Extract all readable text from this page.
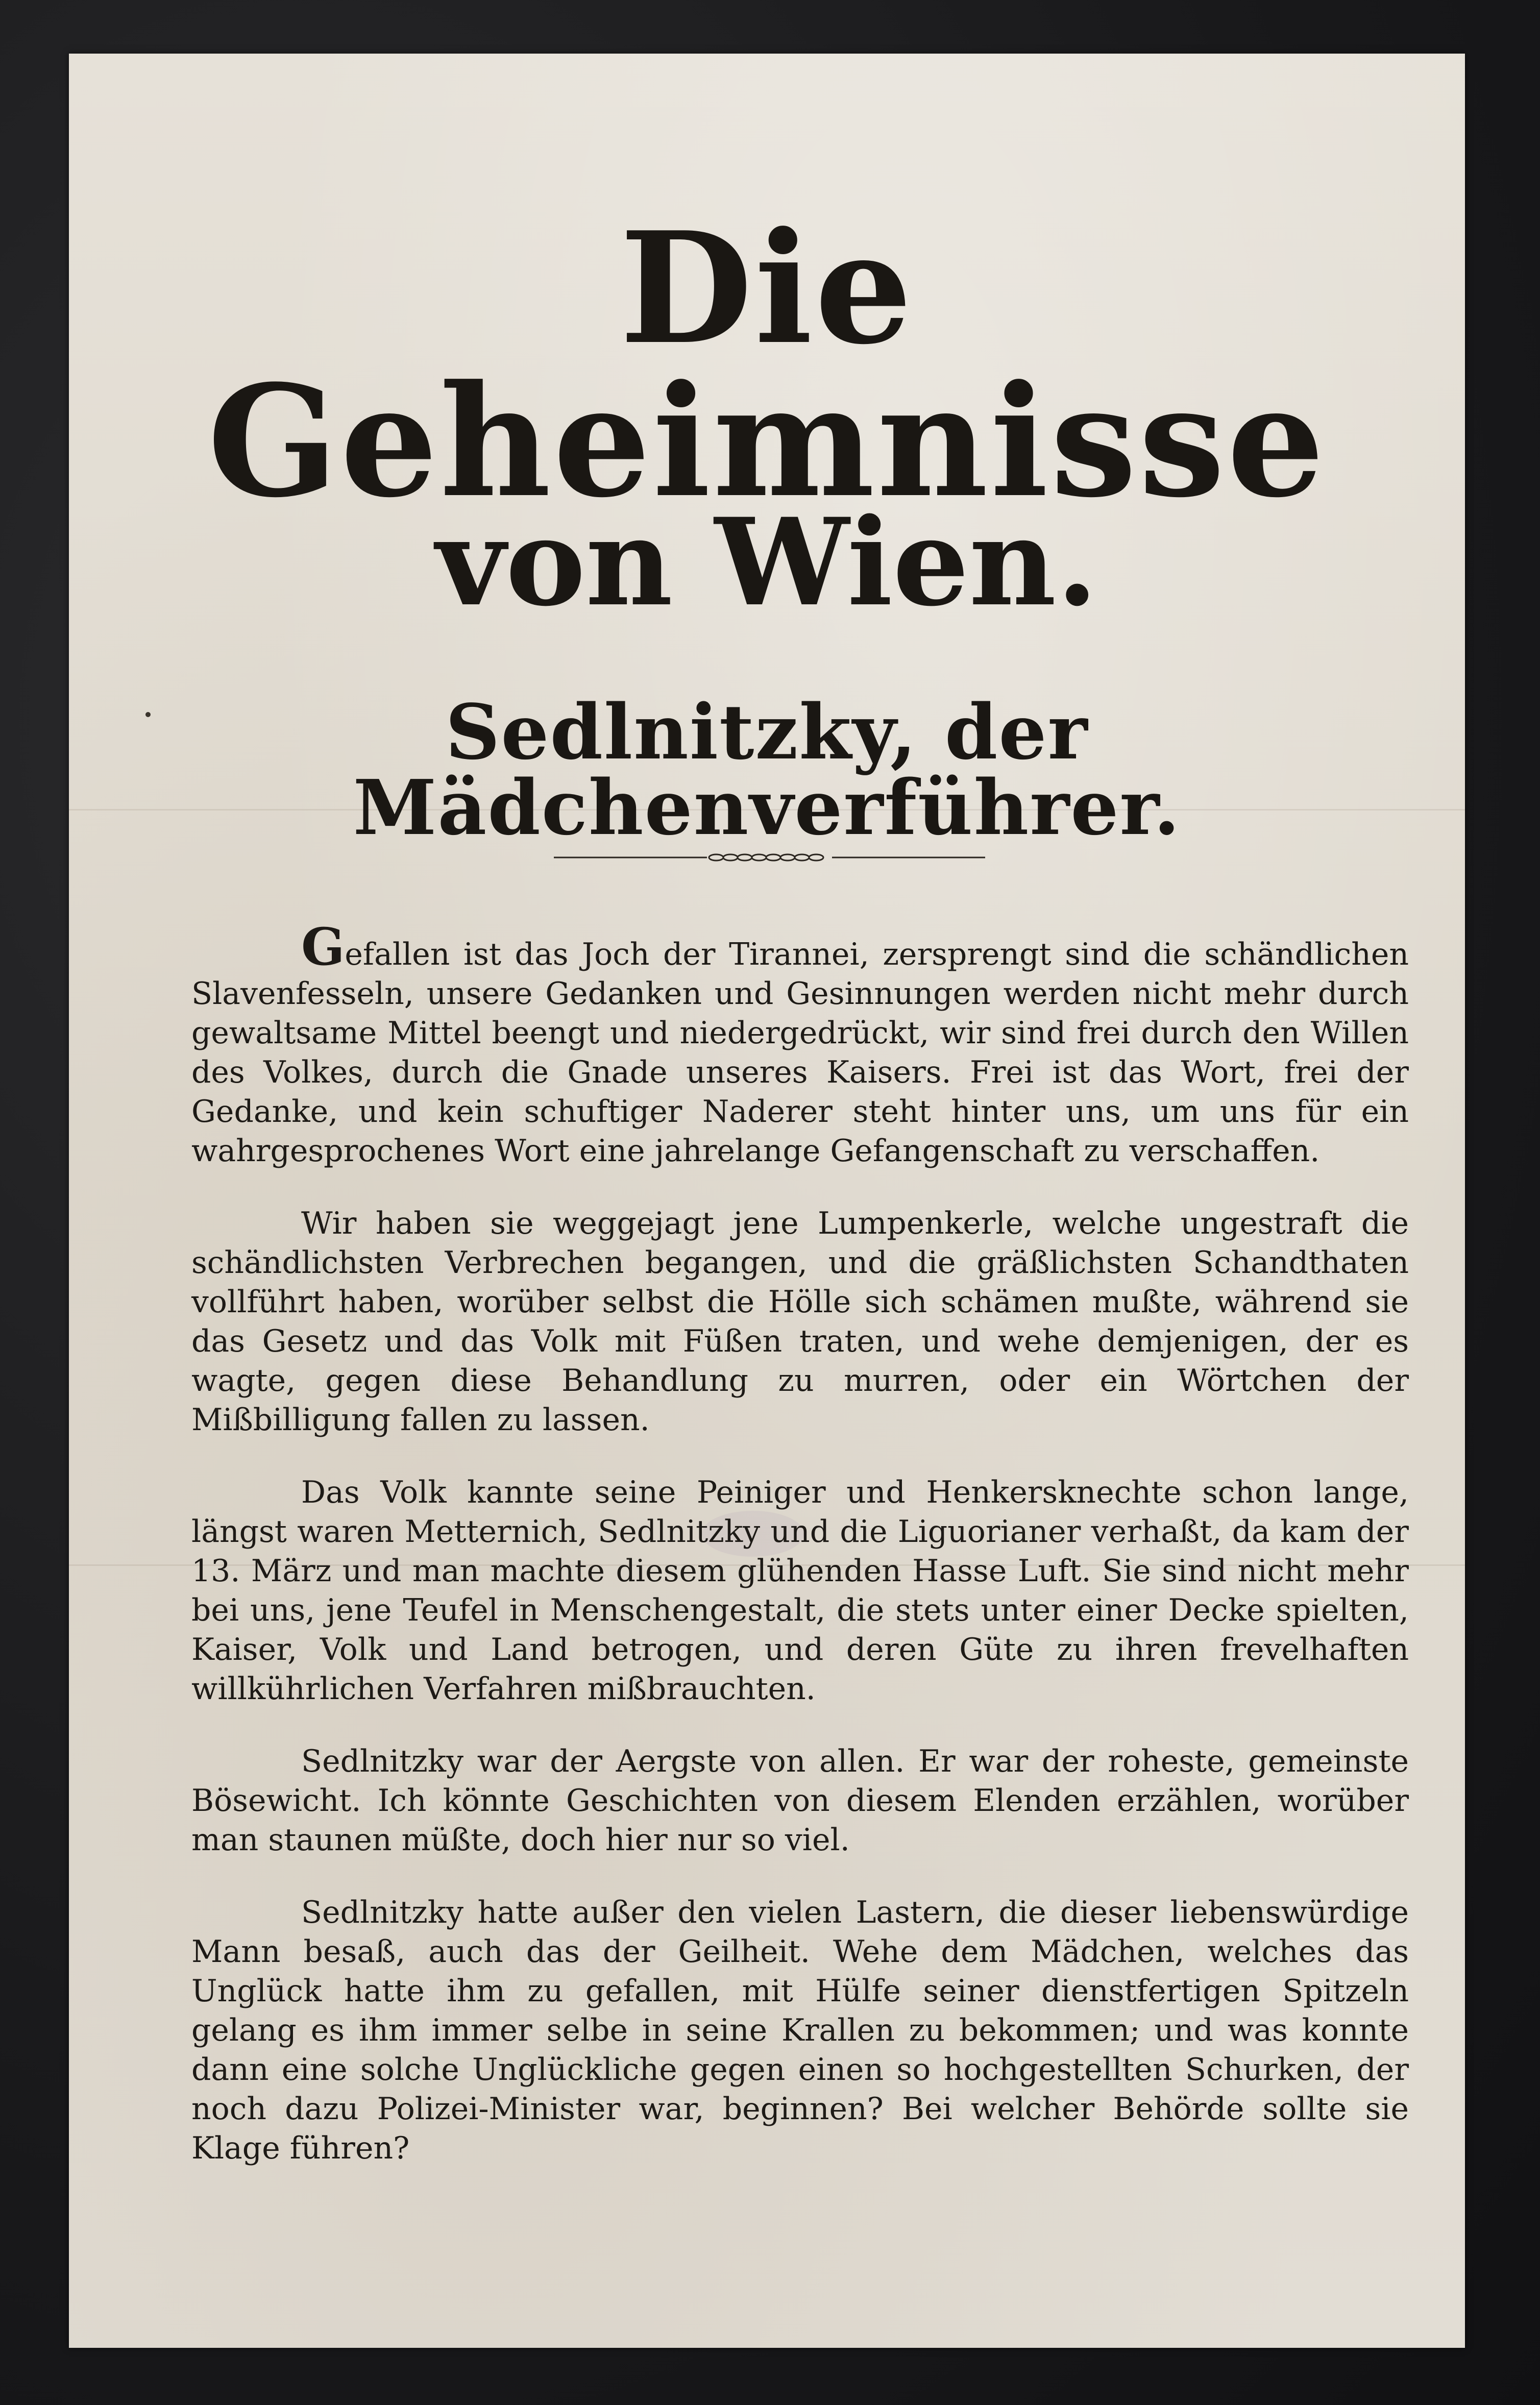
Die Geheimnisse
von Wien.
Sedlnitzky, der Mädchenverführer.

Gefallen ist das Joch der Tirannei, zersprengt sind die schändlichen Slavenfesseln, unsere Gedanken und Gesinnungen werden nicht mehr durch gewaltsame Mittel beengt und niedergedrückt, wir sind frei durch den Willen des Volkes, durch die Gnade unseres Kaisers. Frei ist das Wort, frei der Gedanke, und kein schuftiger Naderer steht hinter uns, um uns für ein wahrgesprochenes Wort eine jahrelange Gefangenschaft zu verschaffen.

Wir haben sie weggejagt jene Lumpenkerle, welche ungestraft die schändlichsten Verbrechen begangen, und die gräßlichsten Schandthaten vollführt haben, worüber selbst die Hölle sich schämen mußte, während sie das Gesetz und das Volk mit Füßen traten, und wehe demjenigen, der es wagte, gegen diese Behandlung zu murren, oder ein Wörtchen der Mißbilligung fallen zu lassen.

Das Volk kannte seine Peiniger und Henkersknechte schon lange, längst waren Metternich, Sedlnitzky und die Liguorianer verhaßt, da kam der 13. März und man machte diesem glühenden Hasse Luft. Sie sind nicht mehr bei uns, jene Teufel in Menschengestalt, die stets unter einer Decke spielten, Kaiser, Volk und Land betrogen, und deren Güte zu ihren frevelhaften willkührlichen Verfahren mißbrauchten.

Sedlnitzky war der Aergste von allen. Er war der roheste, gemeinste Bösewicht. Ich könnte Geschichten von diesem Elenden erzählen, worüber man staunen müßte, doch hier nur so viel.

Sedlnitzky hatte außer den vielen Lastern, die dieser liebenswürdige Mann besaß, auch das der Geilheit. Wehe dem Mädchen, welches das Unglück hatte ihm zu gefallen, mit Hülfe seiner dienstfertigen Spitzeln gelang es ihm immer selbe in seine Krallen zu bekommen; und was konnte dann eine solche Unglückliche gegen einen so hochgestellten Schurken, der noch dazu Polizei-Minister war, beginnen? Bei welcher Behörde sollte sie Klage führen?
